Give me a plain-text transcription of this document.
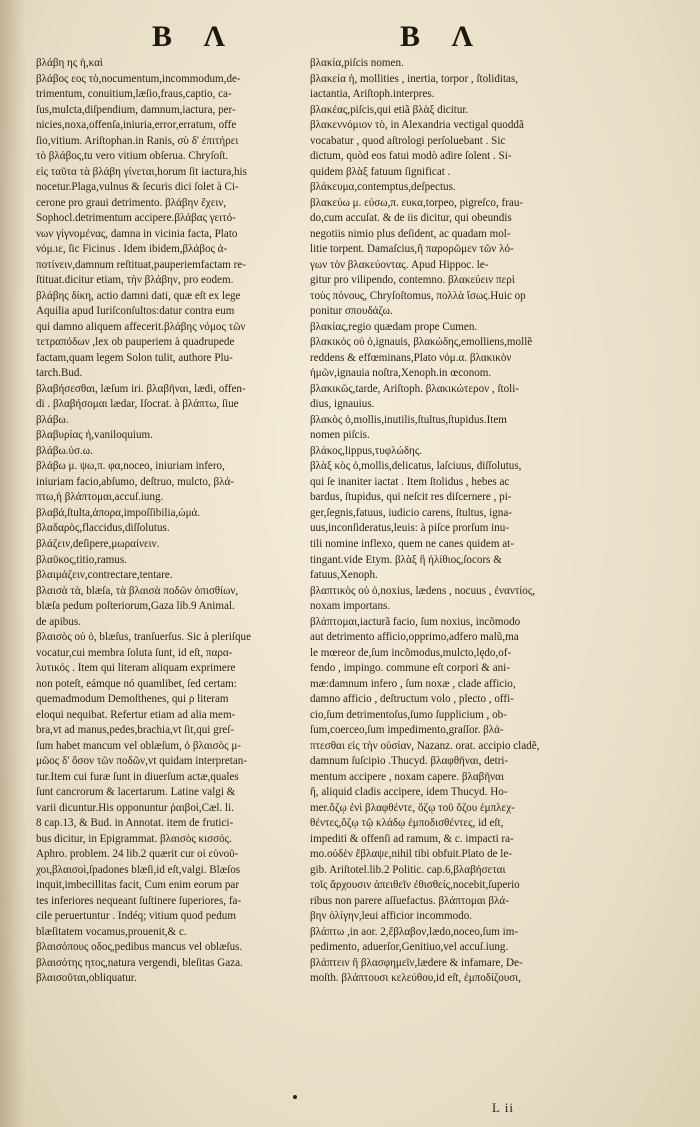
B Λ	B Λ
βλάβη ης ἡ,καὶ
βλάβος εος τὸ,nocumentum,incommodum,de-
trimentum, conuitium,læſio,fraus,captio, ca-
ſus,mulcta,diſpendium, damnum,iactura, per-
nicies,noxa,offenſa,iniuria,error,erratum, offe
ſio,vitium. Ariſtophan.in Ranis, σὺ δ' ἐπιτήρει
τὸ βλάβος,tu vero vitium obſerua. Chryſoſt.
εἰς ταῦτα τὰ βλάβη γίνεται,horum ſit iactura,his
nocetur.Plaga,vulnus & ſecuris dici ſolet à Ci-
cerone pro graui detrimento. βλάβην ἔχειν,
Sophocl.detrimentum accipere.βλάβας γειτό-
νων γίγνομένας, damna in vicinia facta, Plato
νόμ.ιε, ſic Ficinus . Idem ibidem,βλάβος ἀ-
ποτίνειν,damnum reſtituat,pauperiemfactam re-
ſtituat.dicitur etiam, τὴν βλάβην, pro eodem.
βλάβης δίκη, actio damni dati, quæ eſt ex lege
Aquilia apud Iuriſconſultos:datur contra eum
qui damno aliquem affecerit.βλάβης νόμος τῶν
τετραπόδων ,lex ob pauperiem à quadrupede
factam,quam legem Solon tulit, authore Plu-
tarch.Bud.
βλαβήσεσθαι, læſum iri. βλαβῆναι, lædi, offen-
di . βλαβήσομαι lædar, Iſocrat. à βλάπτω, ſiue
βλάβω.
βλαβυρίας ἡ,vaniloquium.
βλάβω.ὑσ.ω.
βλάβω μ. ψω,π. φα,noceo, iniuriam infero,
iniuriam facio,abſumo, deſtruo, mulcto, βλά-
πτω,ἡ βλάπτομαι,accuſ.iung.
βλαβά,ſtulta,ἀπορα,impoſſibilia,ὠμά.
βλαδαρὸς,flaccidus,diſſolutus.
βλάζειν,deſipere,μωραίνειν.
βλαῦκος,titio,ramus.
βλαιμάζειν,contrectare,tentare.
βλαισὰ τὰ, blæſa, τὰ βλαισὰ ποδῶν ὀπισθίων,
blæſa pedum poſteriorum,Gaza lib.9 Animal.
de apibus.
βλαισὸς οὐ ὁ, blæſus, tranſuerſus. Sic à pleriſque
vocatur,cui membra ſoluta ſunt, id eſt, παρα-
λυτικός . Item qui literam aliquam exprimere
non poteſt, eámque nó quamlibet, ſed certam:
quemadmodum Demoſthenes, qui ρ literam
eloqui nequibat. Refertur etiam ad alia mem-
bra,vt ad manus,pedes,brachia,vt ſit,qui greſ-
ſum habet mancum vel oblæſum, ὁ βλαισὸς μ-
μῶος δ' ὄσον τῶν ποδῶν,vt quidam interpretan-
tur.Item cui furæ ſunt in diuerſum actæ,quales
ſunt cancrorum & lacertarum. Latine valgi &
varii dicuntur.His opponuntur ῥαιβοὶ,Cæl. li.
8 cap.13, & Bud. in Annotat. item de frutici-
bus dicitur, in Epigrammat. βλαισὸς κισσός.
Aphro. problem. 24 lib.2 quærit cur οἱ εὐνοῦ-
χοι,βλαισοὶ,ſpadones blæſi,id eſt,valgi. Blæſos
inquit,imbecillitas facit, Cum enim eorum par
tes inferiores nequeant ſuſtinere ſuperiores, fa-
cile peruertuntur . Indéq; vitium quod pedum
blæſitatem vocamus,prouenit,& c.
βλαισόπους οδος,pedibus mancus vel oblæſus.
βλαισότης ητος,natura vergendi, bleſitas Gaza.
βλαισοῦται,obliquatur.
βλακία,piſcis nomen.
βλακεία ἡ, mollities , inertia, torpor , ſtoliditas,
iactantia, Ariſtoph.interpres.
βλακέας,piſcis,qui etiã βλὰξ dicitur.
βλακεννόμιον τὸ, in Alexandria vectigal quoddã
vocabatur , quod aſtrologi perſoluebant . Sic
dictum, quòd eos fatui modò adire ſolent . Si-
quidem βλὰξ fatuum ſignificat .
βλάκευμα,contemptus,deſpectus.
βλακεύω μ. εύσω,π. ευκα,torpeo, pigreſco, frau-
do,cum accuſat. & de iis dicitur, qui obeundis
negotiis nimio plus deſident, ac quadam mol-
litie torpent. Damaſcius,ἢ παρορῶμεν τῶν λό-
γων τὸν βλακεύοντας. Apud Hippoc. le-
gitur pro vilipendo, contemno. βλακεύειν περὶ
τοὺς πόνους, Chryſoſtomus, πολλὰ ἴσως.Huic op
ponitur σπουδάζω.
βλακίας,regio quædam prope Cumen.
βλακικός οὐ ὁ,ignauis, βλακώδης,emolliens,mollẽ
reddens & effœminans,Plato νόμ.α. βλακικὸν
ἡμῶν,ignauia noſtra,Xenoph.in œconom.
βλακικῶς,tarde, Ariſtoph. βλακικώτερον , ſtoli-
dius, ignauius.
βλακὸς ὁ,mollis,inutilis,ſtultus,ſtupidus.Item
nomen piſcis.
βλάκος,lippus,τυφλώδης.
βλὰξ κὸς ὁ,mollis,delicatus, laſciuus, diſſolutus,
qui ſe inaniter iactat . Item ſtolidus , hebes ac
bardus, ſtupidus, qui neſcit res diſcernere , pi-
ger,ſegnis,fatuus, iudicio carens, ſtultus, igna-
uus,inconſideratus,leuis: à piſce prorſum inu-
tili nomine inflexo, quem ne canes quidem at-
tingant.vide Etym. βλὰξ ἢ ἠλίθιος,ſocors &
fatuus,Xenoph.
βλαπτικὸς οὐ ὁ,noxius, lædens , nocuus , ἐναντίος,
noxam importans.
βλάπτομαι,iacturã facio, ſum noxius, incõmodo
aut detrimento afficio,opprimo,adfero malũ,ma
le mœreor de,ſum incõmodus,mulcto,lędo,of-
fendo , impingo. commune eſt corpori & ani-
mæ:damnum infero , ſum noxæ , clade afficio,
damno afficio , deſtructum volo , plecto , offi-
cio,ſum detrimentoſus,ſumo ſupplicium , ob-
ſum,coerceo,ſum impedimento,graſſor. βλά-
πτεσθαι εἰς τὴν οὐσίαν, Nazanz. orat. accipio cladẽ,
damnum ſuſcipio .Thucyd. βλαφθῆναι, detri-
mentum accipere , noxam capere. βλαβῆναι
ἢ, aliquid cladis accipere, idem Thucyd. Ho-
mer.ὄζῳ ἐνὶ βλαφθέντε, ὄζῳ τοῦ ὄζου ἐμπλεχ-
θέντες,ὄζῳ τῷ κλάδῳ ἐμποδισθέντες, id eſt,
impediti & offenſi ad ramum, & c. impacti ra-
mo.οὐδὲν ἔβλαψε,nihil tibi obfuit.Plato de le-
gib. Ariſtotel.lib.2 Politic. cap.6,βλαβήσεται
τοῖς ἄρχουσιν ἀπειθεῖν ἐθισθείς,nocebit,ſuperio
ribus non parere aſſuefactus. βλάπτομαι βλά-
βην ὀλίγην,leui afficior incommodo.
βλάπτω ,in aor. 2,ἔβλαβον,lædo,noceo,ſum im-
pedimento, aduerſor,Genitiuo,vel accuſ.iung.
βλάπτειν ἢ βλασφημεῖν,lædere & infamare, De-
moſth. βλάπτουσι κελεύθου,id eſt, ἐμποδίζουσι,
L ii
